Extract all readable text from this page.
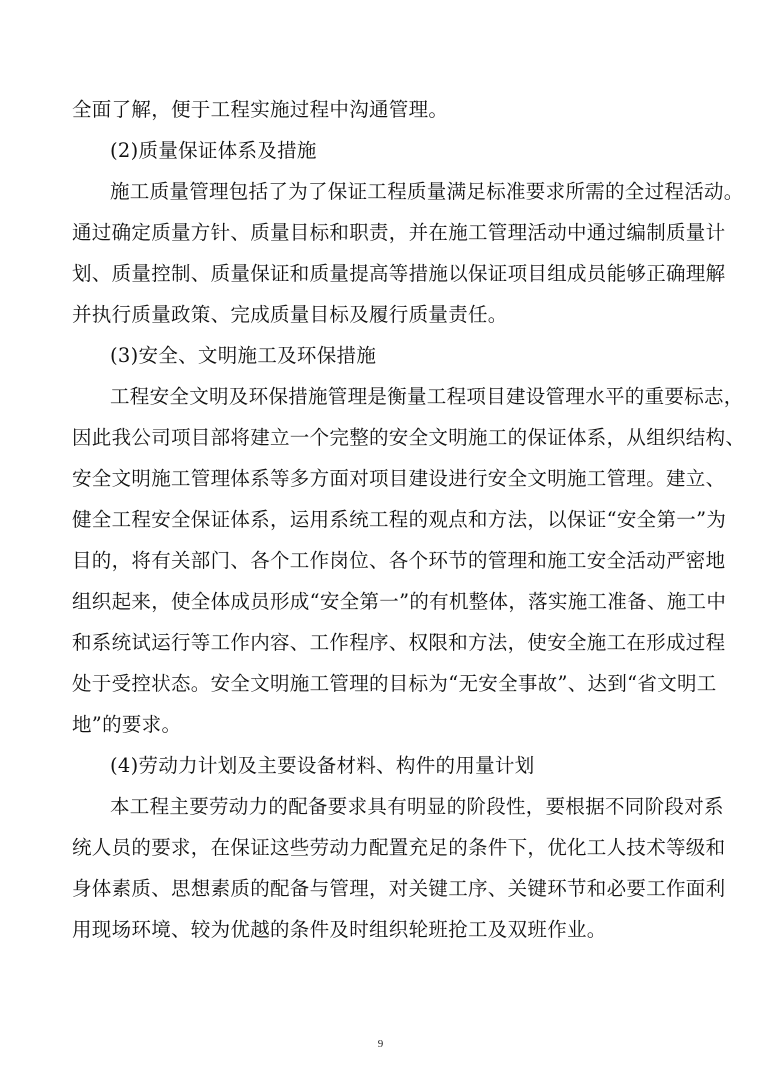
全面了解，便于工程实施过程中沟通管理。
(2)质量保证体系及措施
施工质量管理包括了为了保证工程质量满足标准要求所需的全过程活动。
通过确定质量方针、质量目标和职责，并在施工管理活动中通过编制质量计
划、质量控制、质量保证和质量提高等措施以保证项目组成员能够正确理解
并执行质量政策、完成质量目标及履行质量责任。
(3)安全、文明施工及环保措施
工程安全文明及环保措施管理是衡量工程项目建设管理水平的重要标志，
因此我公司项目部将建立一个完整的安全文明施工的保证体系，从组织结构、
安全文明施工管理体系等多方面对项目建设进行安全文明施工管理。建立、
健全工程安全保证体系，运用系统工程的观点和方法，以保证“安全第一”为
目的，将有关部门、各个工作岗位、各个环节的管理和施工安全活动严密地
组织起来，使全体成员形成“安全第一”的有机整体，落实施工准备、施工中
和系统试运行等工作内容、工作程序、权限和方法，使安全施工在形成过程
处于受控状态。安全文明施工管理的目标为“无安全事故”、达到“省文明工
地”的要求。
(4)劳动力计划及主要设备材料、构件的用量计划
本工程主要劳动力的配备要求具有明显的阶段性，要根据不同阶段对系
统人员的要求，在保证这些劳动力配置充足的条件下，优化工人技术等级和
身体素质、思想素质的配备与管理，对关键工序、关键环节和必要工作面利
用现场环境、较为优越的条件及时组织轮班抢工及双班作业。
9
